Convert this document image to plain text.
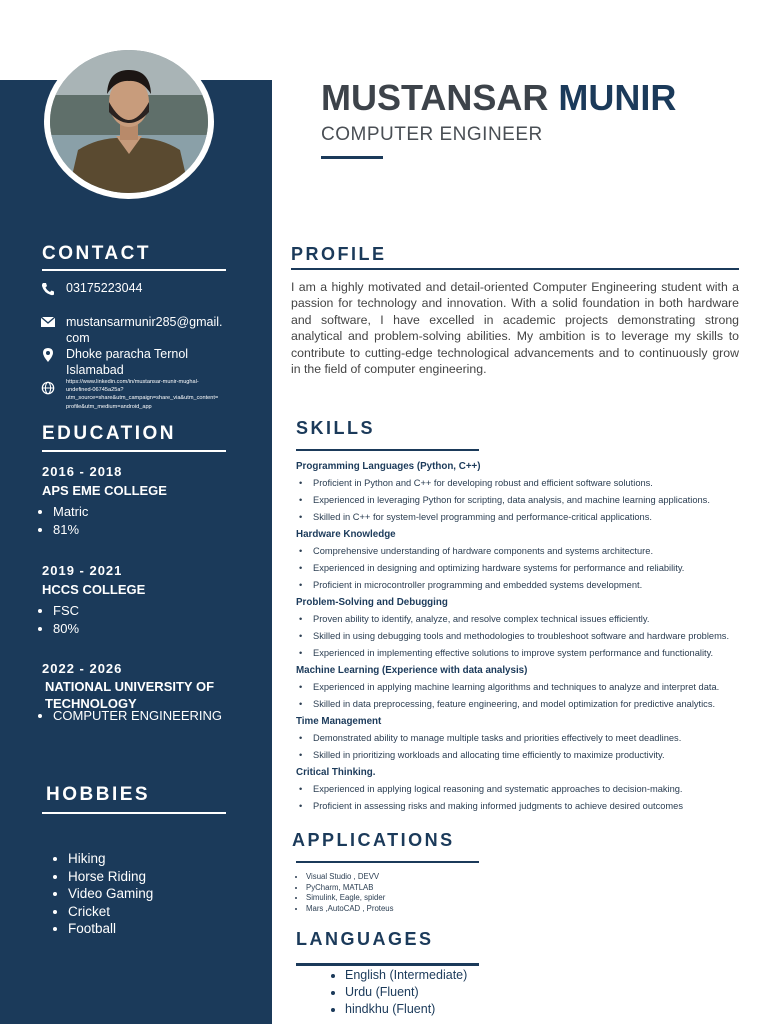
CONTACT
03175223044
mustansarmunir285@gmail.
com
Dhoke paracha Ternol
Islamabad
https://www.linkedin.com/in/mustansar-munir-mughal-
undefined-06745a25a?
utm_source=share&utm_campaign=share_via&utm_content=
profile&utm_medium=android_app
EDUCATION
2016 - 2018
APS EME COLLEGE
• Matric
• 81%
2019 - 2021
HCCS COLLEGE
• FSC
• 80%
2022 - 2026
NATIONAL UNIVERSITY OF
TECHNOLOGY
• COMPUTER ENGINEERING
HOBBIES
• Hiking
• Horse Riding
• Video Gaming
• Cricket
• Football
MUSTANSAR MUNIR
COMPUTER ENGINEER
PROFILE

I am a highly motivated and detail-oriented Computer Engineering student with a passion for technology and innovation. With a solid foundation in both hardware and software, I have excelled in academic projects demonstrating strong analytical and problem-solving abilities. My ambition is to leverage my skills to contribute to cutting-edge technological advancements and to continuously grow in the field of computer engineering.

SKILLS
Programming Languages (Python, C++)
• Proficient in Python and C++ for developing robust and efficient software solutions.
• Experienced in leveraging Python for scripting, data analysis, and machine learning applications.
• Skilled in C++ for system-level programming and performance-critical applications.
Hardware Knowledge
• Comprehensive understanding of hardware components and systems architecture.
• Experienced in designing and optimizing hardware systems for performance and reliability.
• Proficient in microcontroller programming and embedded systems development.
Problem-Solving and Debugging
• Proven ability to identify, analyze, and resolve complex technical issues efficiently.
• Skilled in using debugging tools and methodologies to troubleshoot software and hardware problems.
• Experienced in implementing effective solutions to improve system performance and functionality.
Machine Learning (Experience with data analysis)
• Experienced in applying machine learning algorithms and techniques to analyze and interpret data.
• Skilled in data preprocessing, feature engineering, and model optimization for predictive analytics.
Time Management
• Demonstrated ability to manage multiple tasks and priorities effectively to meet deadlines.
• Skilled in prioritizing workloads and allocating time efficiently to maximize productivity.
Critical Thinking.
• Experienced in applying logical reasoning and systematic approaches to decision-making.
• Proficient in assessing risks and making informed judgments to achieve desired outcomes
APPLICATIONS
• Visual Studio , DEVV
• PyCharm, MATLAB
• Simulink, Eagle, spider
• Mars ,AutoCAD , Proteus
LANGUAGES
• English (Intermediate)
• Urdu (Fluent)
• hindkhu (Fluent)
